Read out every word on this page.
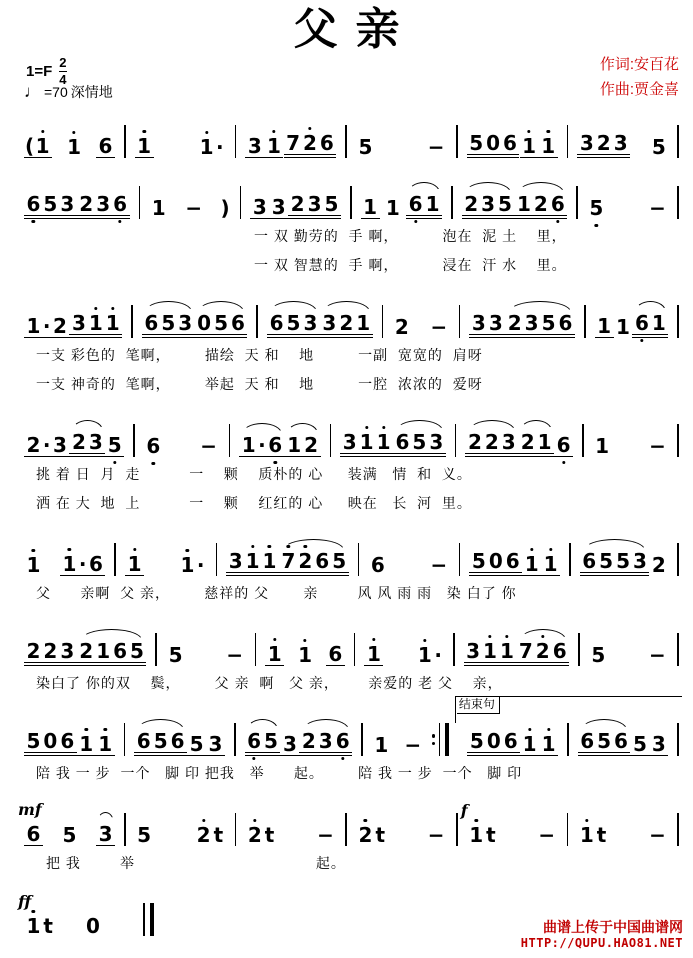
父亲
$1=F \frac{2}{4}$
♩ =70 深情地
作词:安百花
作曲:贾金喜
( 1 1 6 1 1 · 3 1 7 2 6 5	− 5 0 6 1 1 3 2 3 5
6 5 3 2 3 6 1 − ) 3 3 2 3 5 1 1 6 1 2 3 5 1 2 6 5 −
一 双 勤劳的  手 啊，         泡在  泥 土    里，
一 双 智慧的  手 啊，         浸在  汗 水    里。
1 · 2 3 1 1 6 5 3 0 5 6 6 5 3 3 2 1 2 − 3 3 2 3 5 6 1 1 6 1
一支 彩色的  笔啊，       描绘  天 和    地         一副  宽宽的  肩呀
一支 神奇的  笔啊，       举起  天 和    地         一腔  浓浓的  爱呀
2 · 3 2 3 5 6 − 1 · 6 1 2 3 1 1 6 5 3 2 2 3 2 1 6 1 −
挑 着 日  月  走          一    颗    质朴的 心     装满   情  和  义。
洒 在 大  地  上          一    颗    红红的 心     映在   长  河  里。
1 1 · 6 1 1 · 3 1 1 7 2 6 5 6 − 5 0 6 1 1 6 5 5 3 2
父      亲啊  父 亲，       慈祥的 父       亲        风 风 雨 雨   染 白了 你
2 2 3 2 1 6 5 5 − 1 1 6 1 1 · 3 1 1 7 2 6 5 −
染白了 你的双    鬓，       父 亲  啊   父 亲，      亲爱的 老 父    亲，
5 0 6 1 1 6 5 6 5 3 6 5 3 2 3 6 1 −
结束句
5 0 6 1 1 6 5 6 5 3
陪 我 一 步  一个   脚 印 把我   举      起。       陪 我 一 步  一个   脚 印
mf
6 5 3 5 2 t 2 t − 2 t −
f
1 t − 1 t −
把 我        举                                     起。
ff
1 t 0	曲谱上传于中国曲谱网
HTTP://QUPU.HAO81.NET
